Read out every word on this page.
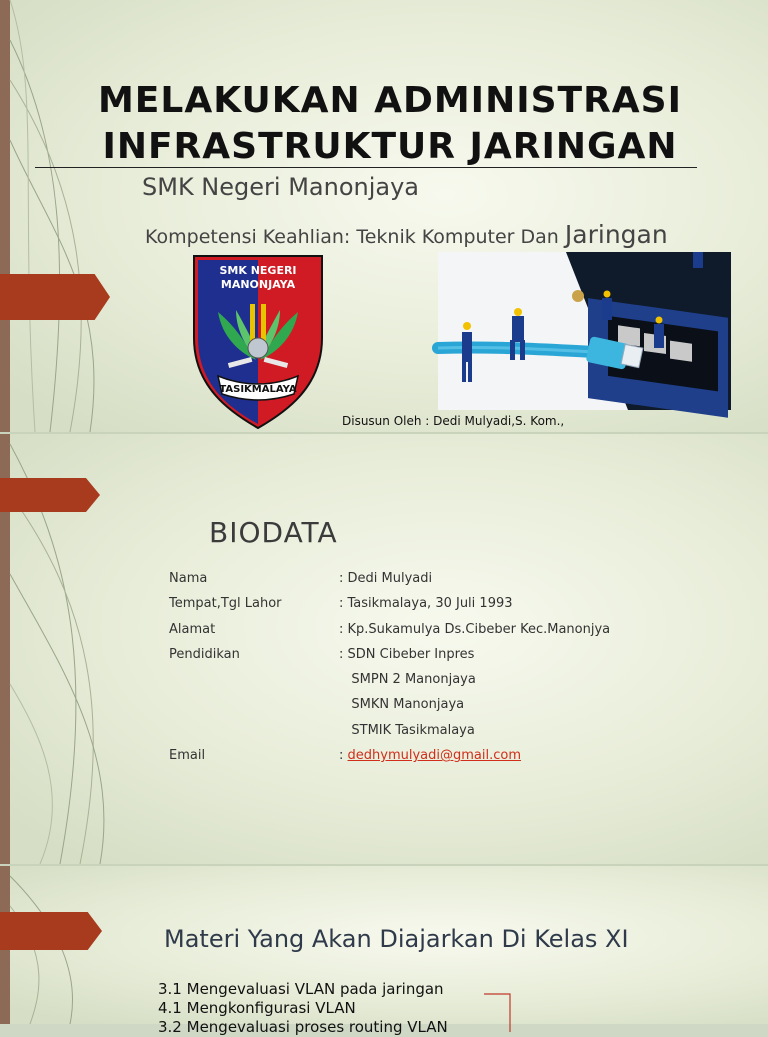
MELAKUKAN ADMINISTRASI
INFRASTRUKTUR JARINGAN
SMK Negeri Manonjaya
Kompetensi Keahlian: Teknik Komputer Dan Jaringan
SMK NEGERI
MANONJAYA
TASIKMALAYA
Disusun Oleh : Dedi Mulyadi,S. Kom.,
BIODATA
Nama	: Dedi Mulyadi
Tempat,Tgl Lahor	: Tasikmalaya, 30 Juli 1993
Alamat	: Kp.Sukamulya Ds.Cibeber Kec.Manonjya
Pendidikan	: SDN Cibeber Inpres
SMPN 2 Manonjaya
SMKN Manonjaya
STMIK Tasikmalaya
Email	: dedhymulyadi@gmail.com
Materi Yang Akan Diajarkan Di Kelas XI
3.1 Mengevaluasi VLAN pada jaringan
4.1 Mengkonfigurasi VLAN
3.2 Mengevaluasi proses routing VLAN
